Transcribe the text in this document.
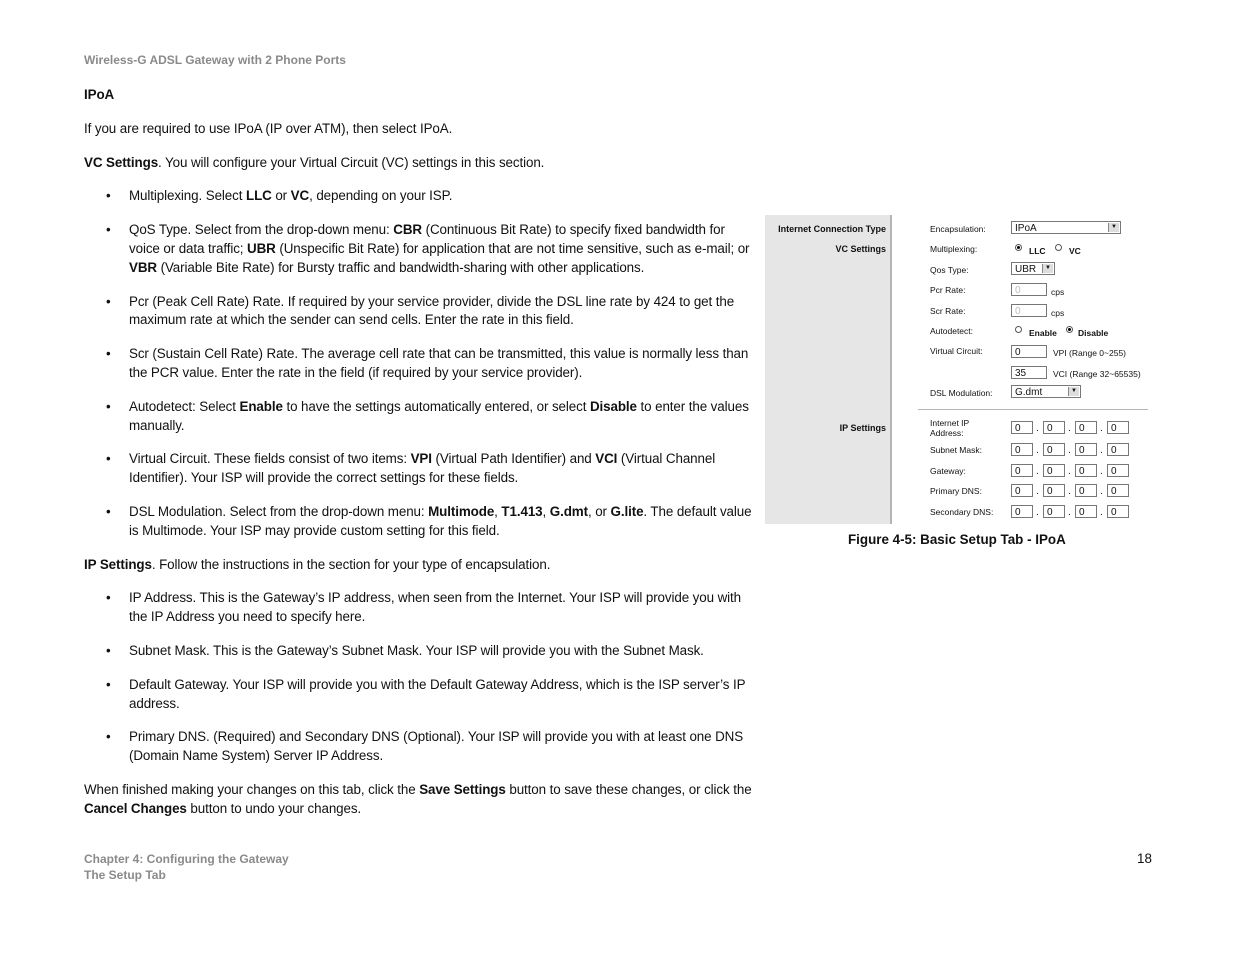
Wireless-G ADSL Gateway with 2 Phone Ports

IPoA

If you are required to use IPoA (IP over ATM), then select IPoA.

VC Settings. You will configure your Virtual Circuit (VC) settings in this section.

• Multiplexing. Select LLC or VC, depending on your ISP.
• QoS Type. Select from the drop-down menu: CBR (Continuous Bit Rate) to specify fixed bandwidth for voice or data traffic; UBR (Unspecific Bit Rate) for application that are not time sensitive, such as e-mail; or VBR (Variable Bite Rate) for Bursty traffic and bandwidth-sharing with other applications.
• Pcr (Peak Cell Rate) Rate. If required by your service provider, divide the DSL line rate by 424 to get the maximum rate at which the sender can send cells. Enter the rate in this field.
• Scr (Sustain Cell Rate) Rate. The average cell rate that can be transmitted, this value is normally less than the PCR value. Enter the rate in the field (if required by your service provider).
• Autodetect: Select Enable to have the settings automatically entered, or select Disable to enter the values manually.
• Virtual Circuit. These fields consist of two items: VPI (Virtual Path Identifier) and VCI (Virtual Channel Identifier). Your ISP will provide the correct settings for these fields.
• DSL Modulation. Select from the drop-down menu: Multimode, T1.413, G.dmt, or G.lite. The default value is Multimode. Your ISP may provide custom setting for this field.

IP Settings. Follow the instructions in the section for your type of encapsulation.

• IP Address. This is the Gateway’s IP address, when seen from the Internet. Your ISP will provide you with the IP Address you need to specify here.
• Subnet Mask. This is the Gateway’s Subnet Mask. Your ISP will provide you with the Subnet Mask.
• Default Gateway. Your ISP will provide you with the Default Gateway Address, which is the ISP server’s IP address.
• Primary DNS. (Required) and Secondary DNS (Optional). Your ISP will provide you with at least one DNS (Domain Name System) Server IP Address.

When finished making your changes on this tab, click the Save Settings button to save these changes, or click the Cancel Changes button to undo your changes.

Internet Connection Type
VC Settings
IP Settings
Encapsulation:	IPoA	▼
Multiplexing:	LLC	VC
Qos Type:	UBR	▼
Pcr Rate:	0	cps
Scr Rate:	0	cps
Autodetect:	Enable Disable
Virtual Circuit:	0	VPI (Range 0~255)
35	VCI (Range 32~65535)
DSL Modulation:	G.dmt	▼
Internet IP Address:	0	. 0	. 0	. 0
Subnet Mask:	0	. 0	. 0	. 0
Gateway:	0	. 0	. 0	. 0
Primary DNS:	0	. 0	. 0	. 0
Secondary DNS:	0	. 0	. 0	. 0
Figure 4-5: Basic Setup Tab - IPoA
Chapter 4: Configuring the Gateway
The Setup Tab
18
